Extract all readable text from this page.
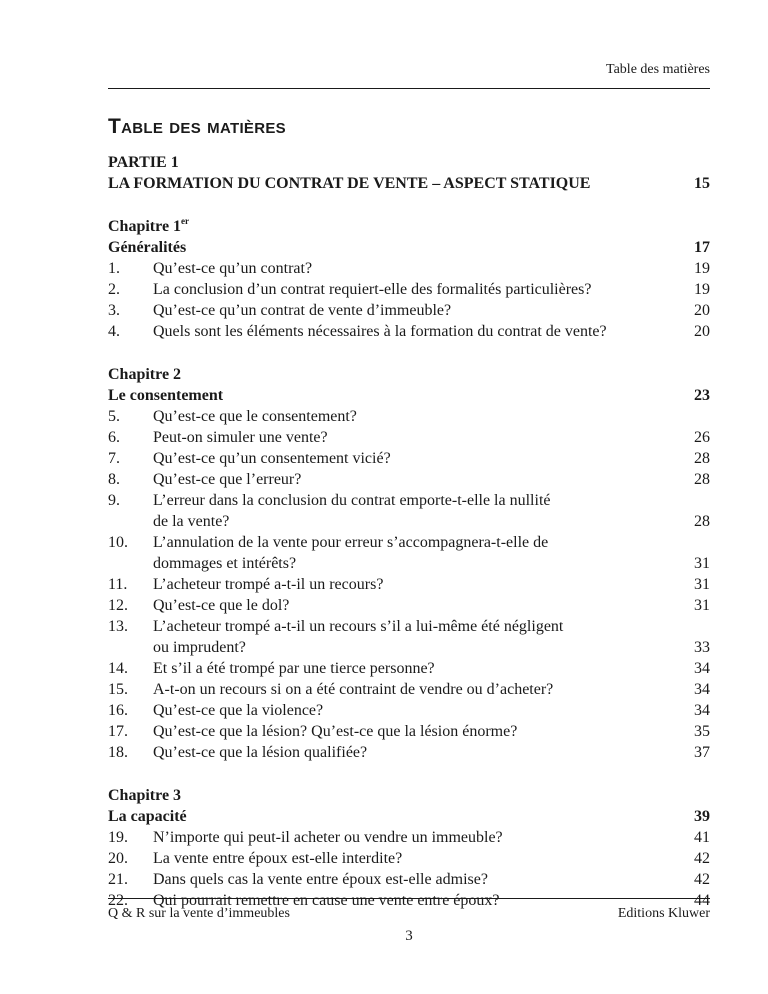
Table des matières
Table des matières
PARTIE 1
LA FORMATION DU CONTRAT DE VENTE – ASPECT STATIQUE	15
Chapitre 1er
Généralités	17
1. Qu’est-ce qu’un contrat?	19
2. La conclusion d’un contrat requiert-elle des formalités particulières?	19
3. Qu’est-ce qu’un contrat de vente d’immeuble?	20
4. Quels sont les éléments nécessaires à la formation du contrat de vente?	20
Chapitre 2
Le consentement	23
5. Qu’est-ce que le consentement?
6. Peut-on simuler une vente?	26
7. Qu’est-ce qu’un consentement vicié?	28
8. Qu’est-ce que l’erreur?	28
9. L’erreur dans la conclusion du contrat emporte-t-elle la nullité
de la vente?	28
10. L’annulation de la vente pour erreur s’accompagnera-t-elle de
dommages et intérêts?	31
11. L’acheteur trompé a-t-il un recours?	31
12. Qu’est-ce que le dol?	31
13. L’acheteur trompé a-t-il un recours s’il a lui-même été négligent
ou imprudent?	33
14. Et s’il a été trompé par une tierce personne?	34
15. A-t-on un recours si on a été contraint de vendre ou d’acheter?	34
16. Qu’est-ce que la violence?	34
17. Qu’est-ce que la lésion? Qu’est-ce que la lésion énorme?	35
18. Qu’est-ce que la lésion qualifiée?	37
Chapitre 3
La capacité	39
19. N’importe qui peut-il acheter ou vendre un immeuble?	41
20. La vente entre époux est-elle interdite?	42
21. Dans quels cas la vente entre époux est-elle admise?	42
22. Qui pourrait remettre en cause une vente entre époux?	44
Q & R sur la vente d’immeubles	Editions Kluwer
3
